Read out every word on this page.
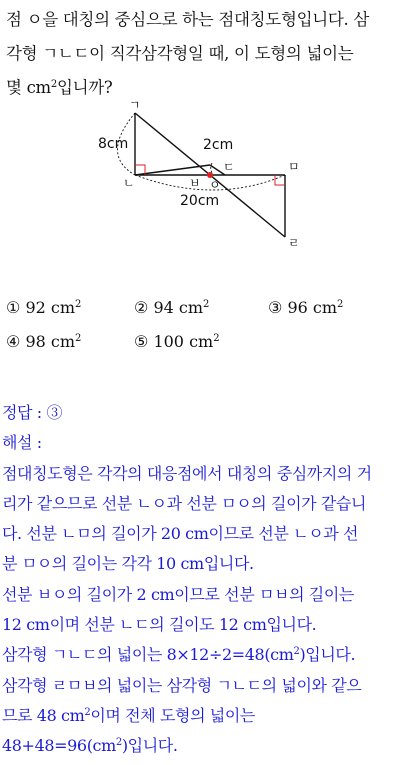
점 ㅇ을 대칭의 중심으로 하는 점대칭도형입니다. 삼
각형 ㄱㄴㄷ이 직각삼각형일 때, 이 도형의 넓이는
몇 $cm^2$입니까?
ㄱ
ㄴ
ㄷ	ㅁ
ㄹ
ㅂ ㅇ
8cm	2cm
20cm
① 92 $cm^2$	② 94 $cm^2$	③ 96 $cm^2$
④ 98 $cm^2$	⑤ 100 $cm^2$
정답 : ③
해설 :
점대칭도형은 각각의 대응점에서 대칭의 중심까지의 거
리가 같으므로 선분 ㄴㅇ과 선분 ㅁㅇ의 길이가 같습니
다. 선분 ㄴㅁ의 길이가 20 cm이므로 선분 ㄴㅇ과 선
분 ㅁㅇ의 길이는 각각 10 cm입니다.
선분 ㅂㅇ의 길이가 2 cm이므로 선분 ㅁㅂ의 길이는
12 cm이며 선분 ㄴㄷ의 길이도 12 cm입니다.
삼각형 ㄱㄴㄷ의 넓이는 $8\times 12\div 2=48(cm^2)$입니다.
삼각형 ㄹㅁㅂ의 넓이는 삼각형 ㄱㄴㄷ의 넓이와 같으
므로 48 $cm^2$이며 전체 도형의 넓이는
$48+48=96(cm^2)$입니다.
